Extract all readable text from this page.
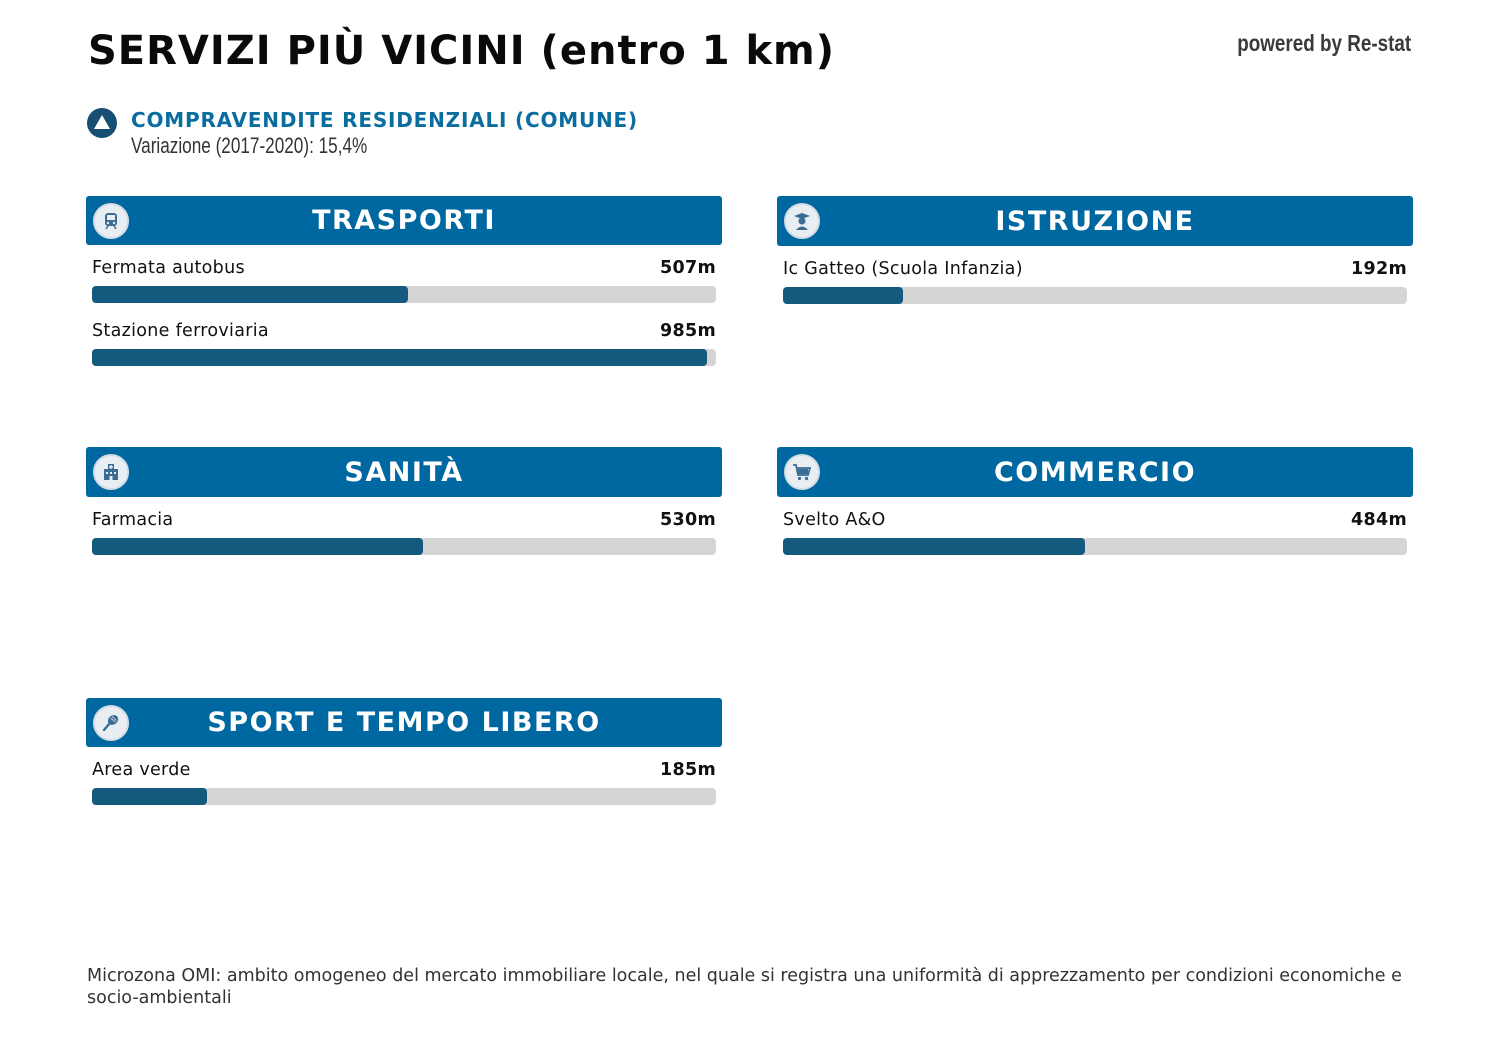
SERVIZI PIÙ VICINI (entro 1 km)	powered by Re-stat
COMPRAVENDITE RESIDENZIALI (COMUNE)
Variazione (2017-2020): 15,4%
TRASPORTI
Fermata autobus	507m
Stazione ferroviaria	985m
ISTRUZIONE
Ic Gatteo (Scuola Infanzia)	192m
SANITÀ
Farmacia	530m
COMMERCIO
Svelto A&O	484m
SPORT E TEMPO LIBERO
Area verde	185m
Microzona OMI: ambito omogeneo del mercato immobiliare locale, nel quale si registra una uniformità di apprezzamento per condizioni economiche e socio-ambientali
